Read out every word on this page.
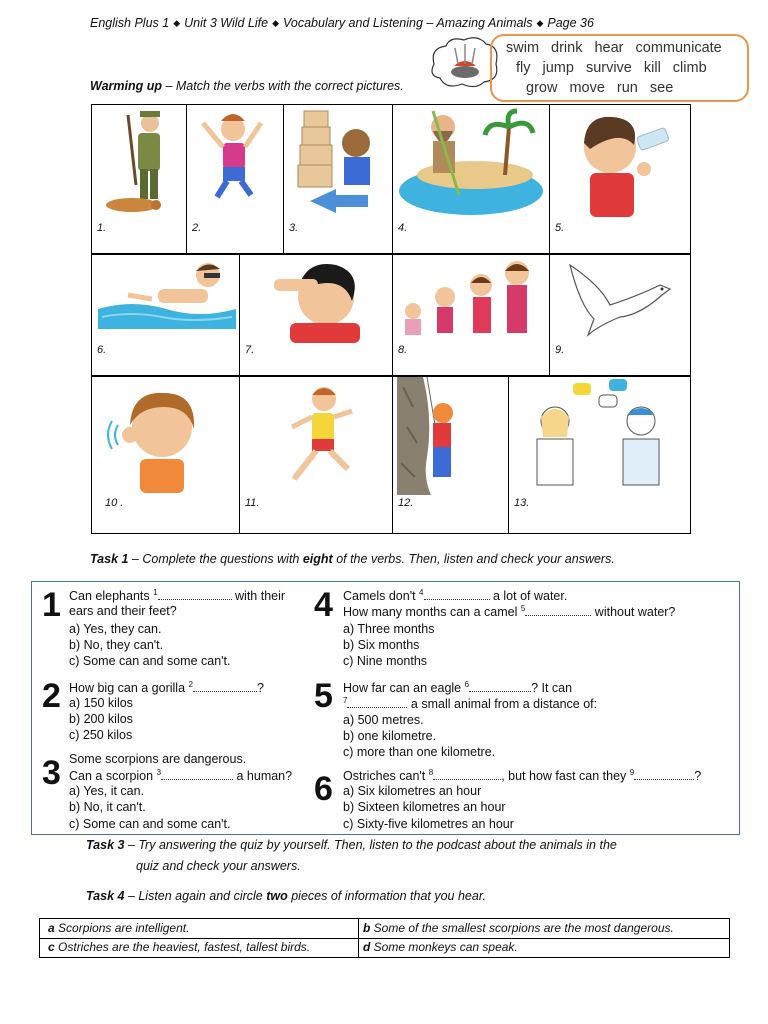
English Plus 1 ◆ Unit 3 Wild Life ◆ Vocabulary and Listening – Amazing Animals ◆ Page 36
swim drink hear communicate
fly jump survive kill climb
grow move run see
Warming up – Match the verbs with the correct pictures.
1.	2.	3.	4.	5.
6.	7.	8.	9.
10 .	11.	12.	13.
Task 1 – Complete the questions with eight of the verbs. Then, listen and check your answers.
1 Can elephants $^1$	with their
ears and their feet?
a) Yes, they can.
b) No, they can't.
c) Some can and some can't.
2 How big can a gorilla $^2$	?
a) 150 kilos
b) 200 kilos
c) 250 kilos
3 Some scorpions are dangerous.
Can a scorpion $^3$	a human?
a) Yes, it can.
b) No, it can't.
c) Some can and some can't.
4 Camels don't $^4$	a lot of water.
How many months can a camel $^5$	without water?
a) Three months
b) Six months
c) Nine months
5 How far can an eagle $^6$	? It can
$^7$	a small animal from a distance of:
a) 500 metres.
b) one kilometre.
c) more than one kilometre.
6 Ostriches can't $^8$	, but how fast can they $^9$	?
a) Six kilometres an hour
b) Sixteen kilometres an hour
c) Sixty-five kilometres an hour
Task 3 – Try answering the quiz by yourself. Then, listen to the podcast about the animals in the
quiz and check your answers.
Task 4 – Listen again and circle two pieces of information that you hear.
a Scorpions are intelligent.	b Some of the smallest scorpions are the most dangerous.
c Ostriches are the heaviest, fastest, tallest birds.	d Some monkeys can speak.
